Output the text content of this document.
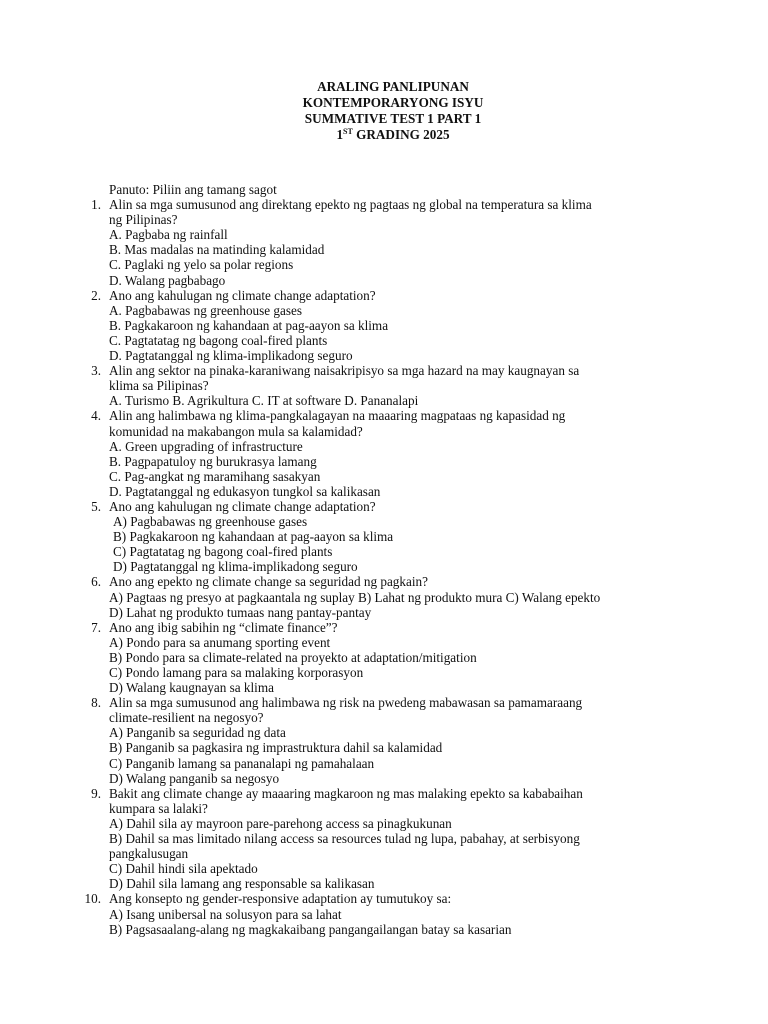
ARALING PANLIPUNAN
KONTEMPORARYONG ISYU
SUMMATIVE TEST 1 PART 1
1ST GRADING 2025
Panuto: Piliin ang tamang sagot
1. Alin sa mga sumusunod ang direktang epekto ng pagtaas ng global na temperatura sa klima
ng Pilipinas?
A. Pagbaba ng rainfall
B. Mas madalas na matinding kalamidad
C. Paglaki ng yelo sa polar regions
D. Walang pagbabago
2. Ano ang kahulugan ng climate change adaptation?
A. Pagbabawas ng greenhouse gases
B. Pagkakaroon ng kahandaan at pag-aayon sa klima
C. Pagtatatag ng bagong coal-fired plants
D. Pagtatanggal ng klima-implikadong seguro
3. Alin ang sektor na pinaka-karaniwang naisakripisyo sa mga hazard na may kaugnayan sa
klima sa Pilipinas?
A. Turismo B. Agrikultura C. IT at software D. Pananalapi
4. Alin ang halimbawa ng klima-pangkalagayan na maaaring magpataas ng kapasidad ng
komunidad na makabangon mula sa kalamidad?
A. Green upgrading of infrastructure
B. Pagpapatuloy ng burukrasya lamang
C. Pag-angkat ng maramihang sasakyan
D. Pagtatanggal ng edukasyon tungkol sa kalikasan
5. Ano ang kahulugan ng climate change adaptation?
A) Pagbabawas ng greenhouse gases
B) Pagkakaroon ng kahandaan at pag-aayon sa klima
C) Pagtatatag ng bagong coal-fired plants
D) Pagtatanggal ng klima-implikadong seguro
6. Ano ang epekto ng climate change sa seguridad ng pagkain?
A) Pagtaas ng presyo at pagkaantala ng suplay B) Lahat ng produkto mura C) Walang epekto
D) Lahat ng produkto tumaas nang pantay-pantay
7. Ano ang ibig sabihin ng “climate finance”?
A) Pondo para sa anumang sporting event
B) Pondo para sa climate-related na proyekto at adaptation/mitigation
C) Pondo lamang para sa malaking korporasyon
D) Walang kaugnayan sa klima
8. Alin sa mga sumusunod ang halimbawa ng risk na pwedeng mabawasan sa pamamaraang
climate-resilient na negosyo?
A) Panganib sa seguridad ng data
B) Panganib sa pagkasira ng imprastruktura dahil sa kalamidad
C) Panganib lamang sa pananalapi ng pamahalaan
D) Walang panganib sa negosyo
9. Bakit ang climate change ay maaaring magkaroon ng mas malaking epekto sa kababaihan
kumpara sa lalaki?
A) Dahil sila ay mayroon pare-parehong access sa pinagkukunan
B) Dahil sa mas limitado nilang access sa resources tulad ng lupa, pabahay, at serbisyong
pangkalusugan
C) Dahil hindi sila apektado
D) Dahil sila lamang ang responsable sa kalikasan
10. Ang konsepto ng gender-responsive adaptation ay tumutukoy sa:
A) Isang unibersal na solusyon para sa lahat
B) Pagsasaalang-alang ng magkakaibang pangangailangan batay sa kasarian
